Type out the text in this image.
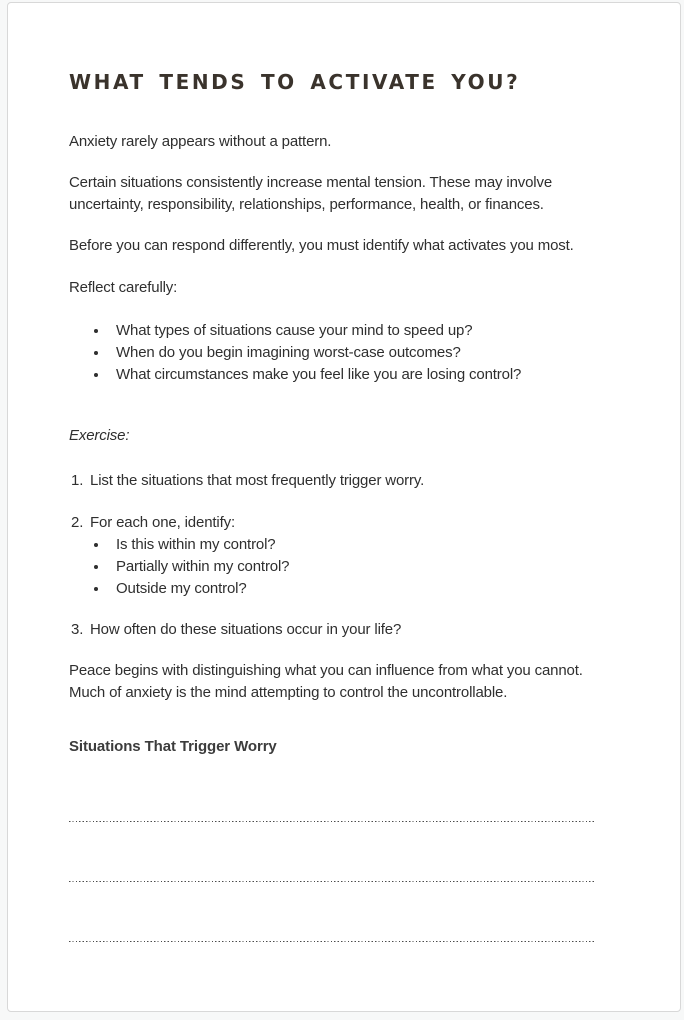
WHAT TENDS TO ACTIVATE YOU?

Anxiety rarely appears without a pattern.

Certain situations consistently increase mental tension. These may involve
uncertainty, responsibility, relationships, performance, health, or finances.

Before you can respond differently, you must identify what activates you most.

Reflect carefully:

What types of situations cause your mind to speed up?
When do you begin imagining worst-case outcomes?
What circumstances make you feel like you are losing control?

Exercise:

1. List the situations that most frequently trigger worry.
2. For each one, identify:
Is this within my control?
Partially within my control?
Outside my control?
3. How often do these situations occur in your life?
Peace begins with distinguishing what you can influence from what you cannot.
Much of anxiety is the mind attempting to control the uncontrollable.
Situations That Trigger Worry
